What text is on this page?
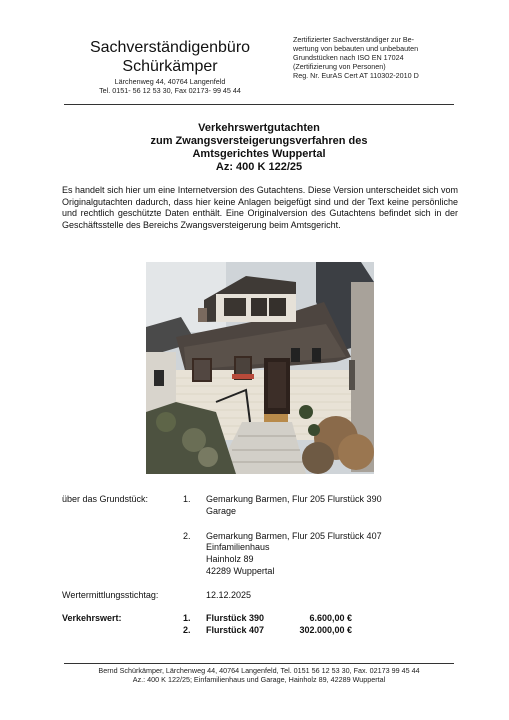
Sachverständigenbüro
Schürkämper
Lärchenweg 44, 40764 Langenfeld
Tel. 0151- 56 12 53 30, Fax 02173- 99 45 44
Zertifizierter Sachverständiger zur Be-
wertung von bebauten und unbebauten
Grundstücken nach ISO EN 17024
(Zertifizierung von Personen)
Reg. Nr. EurAS Cert AT 110302-2010 D
Verkehrswertgutachten
zum Zwangsversteigerungsverfahren des
Amtsgerichtes Wuppertal
Az: 400 K 122/25
Es handelt sich hier um eine Internetversion des Gutachtens. Diese Version unterscheidet sich vom Originalgutachten dadurch, dass hier keine Anlagen beigefügt sind und der Text keine persönliche und rechtlich geschützte Daten enthält. Eine Originalversion des Gutachtens befindet sich in der Geschäftsstelle des Bereichs Zwangsversteigerung beim Amtsgericht.
über das Grundstück:	1. Gemarkung Barmen, Flur 205 Flurstück 390
Garage
2. Gemarkung Barmen, Flur 205 Flurstück 407
Einfamilienhaus
Hainholz 89
42289 Wuppertal
Wertermittlungsstichtag:	12.12.2025
Verkehrswert:	1. Flurstück 390	6.600,00 €
2. Flurstück 407	302.000,00 €
Bernd Schürkämper, Lärchenweg 44, 40764 Langenfeld, Tel. 0151 56 12 53 30, Fax. 02173 99 45 44
Az.: 400 K 122/25; Einfamilienhaus und Garage, Hainholz 89, 42289 Wuppertal
